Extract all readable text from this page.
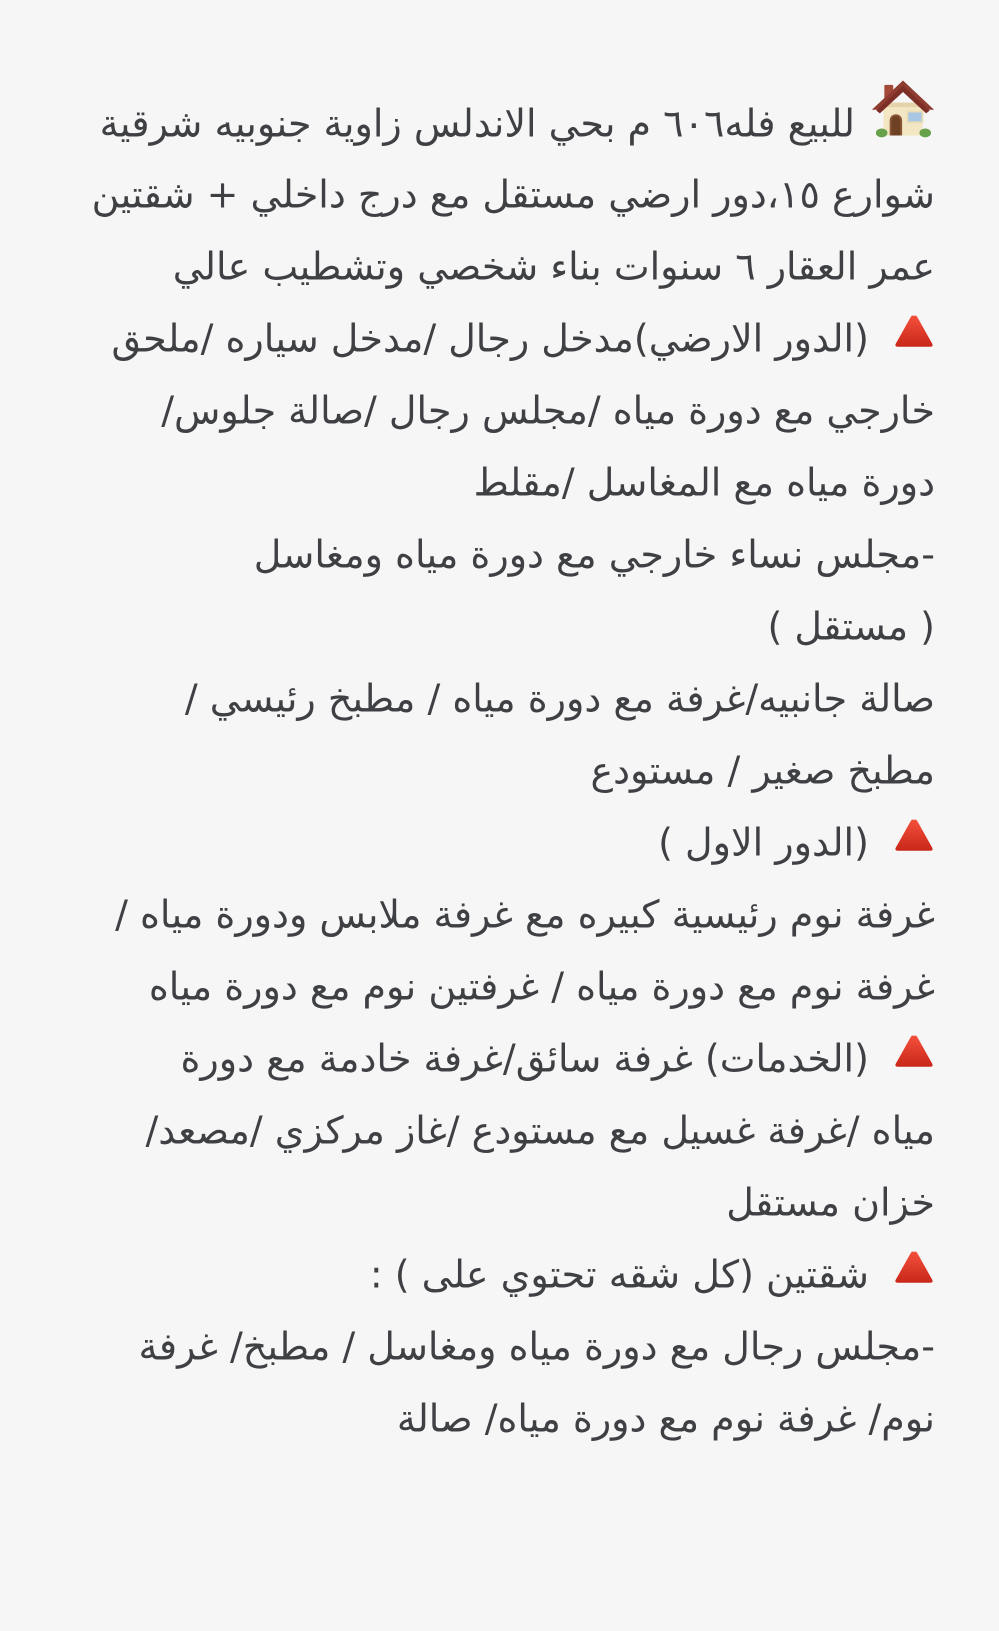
للبيع فله٦٠٦ م بحي الاندلس زاوية جنوبيه شرقية
شوارع ١٥،دور ارضي مستقل مع درج داخلي + شقتين
عمر العقار ٦ سنوات بناء شخصي وتشطيب عالي
(الدور الارضي)مدخل رجال /مدخل سياره /ملحق
خارجي مع دورة مياه /مجلس رجال /صالة جلوس/
دورة مياه مع المغاسل /مقلط
-مجلس نساء خارجي مع دورة مياه ومغاسل
( مستقل )
صالة جانبيه/غرفة مع دورة مياه / مطبخ رئيسي /
مطبخ صغير / مستودع
(الدور الاول )
غرفة نوم رئيسية كبيره مع غرفة ملابس ودورة مياه /
غرفة نوم مع دورة مياه / غرفتين نوم مع دورة مياه
(الخدمات) غرفة سائق/غرفة خادمة مع دورة
مياه /غرفة غسيل مع مستودع /غاز مركزي /مصعد/
خزان مستقل
شقتين (كل شقه تحتوي على ) :
-مجلس رجال مع دورة مياه ومغاسل / مطبخ/ غرفة
نوم/ غرفة نوم مع دورة مياه/ صالة
